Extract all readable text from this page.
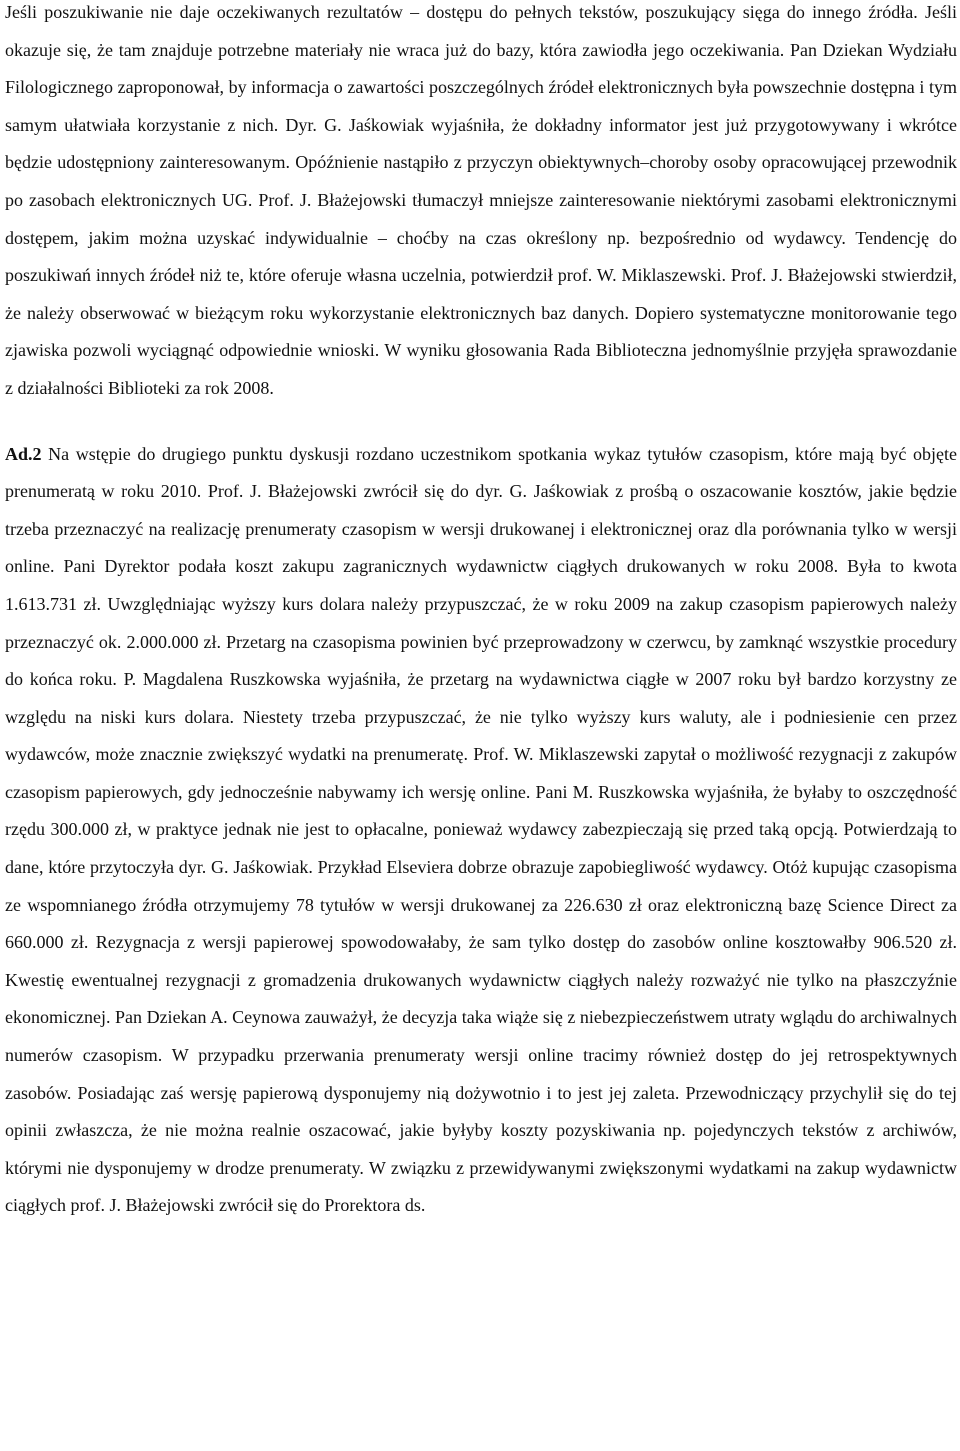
Jeśli poszukiwanie nie daje oczekiwanych rezultatów – dostępu do pełnych tekstów, poszukujący sięga do innego źródła. Jeśli okazuje się, że tam znajduje potrzebne materiały nie wraca już do bazy, która zawiodła jego oczekiwania. Pan Dziekan Wydziału Filologicznego zaproponował, by informacja o zawartości poszczególnych źródeł elektronicznych była powszechnie dostępna i tym samym ułatwiała korzystanie z nich. Dyr. G. Jaśkowiak wyjaśniła, że dokładny informator jest już przygotowywany i wkrótce będzie udostępniony zainteresowanym. Opóźnienie nastąpiło z przyczyn obiektywnych–choroby osoby opracowującej przewodnik po zasobach elektronicznych UG. Prof. J. Błażejowski tłumaczył mniejsze zainteresowanie niektórymi zasobami elektronicznymi dostępem, jakim można uzyskać indywidualnie – choćby na czas określony np. bezpośrednio od wydawcy. Tendencję do poszukiwań innych źródeł niż te, które oferuje własna uczelnia, potwierdził prof. W. Miklaszewski. Prof. J. Błażejowski stwierdził, że należy obserwować w bieżącym roku wykorzystanie elektronicznych baz danych. Dopiero systematyczne monitorowanie tego zjawiska pozwoli wyciągnąć odpowiednie wnioski. W wyniku głosowania Rada Biblioteczna jednomyślnie przyjęła sprawozdanie z działalności Biblioteki za rok 2008.

Ad.2 Na wstępie do drugiego punktu dyskusji rozdano uczestnikom spotkania wykaz tytułów czasopism, które mają być objęte prenumeratą w roku 2010. Prof. J. Błażejowski zwrócił się do dyr. G. Jaśkowiak z prośbą o oszacowanie kosztów, jakie będzie trzeba przeznaczyć na realizację prenumeraty czasopism w wersji drukowanej i elektronicznej oraz dla porównania tylko w wersji online. Pani Dyrektor podała koszt zakupu zagranicznych wydawnictw ciągłych drukowanych w roku 2008. Była to kwota 1.613.731 zł. Uwzględniając wyższy kurs dolara należy przypuszczać, że w roku 2009 na zakup czasopism papierowych należy przeznaczyć ok. 2.000.000 zł. Przetarg na czasopisma powinien być przeprowadzony w czerwcu, by zamknąć wszystkie procedury do końca roku. P. Magdalena Ruszkowska wyjaśniła, że przetarg na wydawnictwa ciągłe w 2007 roku był bardzo korzystny ze względu na niski kurs dolara. Niestety trzeba przypuszczać, że nie tylko wyższy kurs waluty, ale i podniesienie cen przez wydawców, może znacznie zwiększyć wydatki na prenumeratę. Prof. W. Miklaszewski zapytał o możliwość rezygnacji z zakupów czasopism papierowych, gdy jednocześnie nabywamy ich wersję online. Pani M. Ruszkowska wyjaśniła, że byłaby to oszczędność rzędu 300.000 zł, w praktyce jednak nie jest to opłacalne, ponieważ wydawcy zabezpieczają się przed taką opcją. Potwierdzają to dane, które przytoczyła dyr. G. Jaśkowiak. Przykład Elseviera dobrze obrazuje zapobiegliwość wydawcy. Otóż kupując czasopisma ze wspomnianego źródła otrzymujemy 78 tytułów w wersji drukowanej za 226.630 zł oraz elektroniczną bazę Science Direct za 660.000 zł. Rezygnacja z wersji papierowej spowodowałaby, że sam tylko dostęp do zasobów online kosztowałby 906.520 zł. Kwestię ewentualnej rezygnacji z gromadzenia drukowanych wydawnictw ciągłych należy rozważyć nie tylko na płaszczyźnie ekonomicznej. Pan Dziekan A. Ceynowa zauważył, że decyzja taka wiąże się z niebezpieczeństwem utraty wglądu do archiwalnych numerów czasopism. W przypadku przerwania prenumeraty wersji online tracimy również dostęp do jej retrospektywnych zasobów. Posiadając zaś wersję papierową dysponujemy nią dożywotnio i to jest jej zaleta. Przewodniczący przychylił się do tej opinii zwłaszcza, że nie można realnie oszacować, jakie byłyby koszty pozyskiwania np. pojedynczych tekstów z archiwów, którymi nie dysponujemy w drodze prenumeraty. W związku z przewidywanymi zwiększonymi wydatkami na zakup wydawnictw ciągłych prof. J. Błażejowski zwrócił się do Prorektora ds.
